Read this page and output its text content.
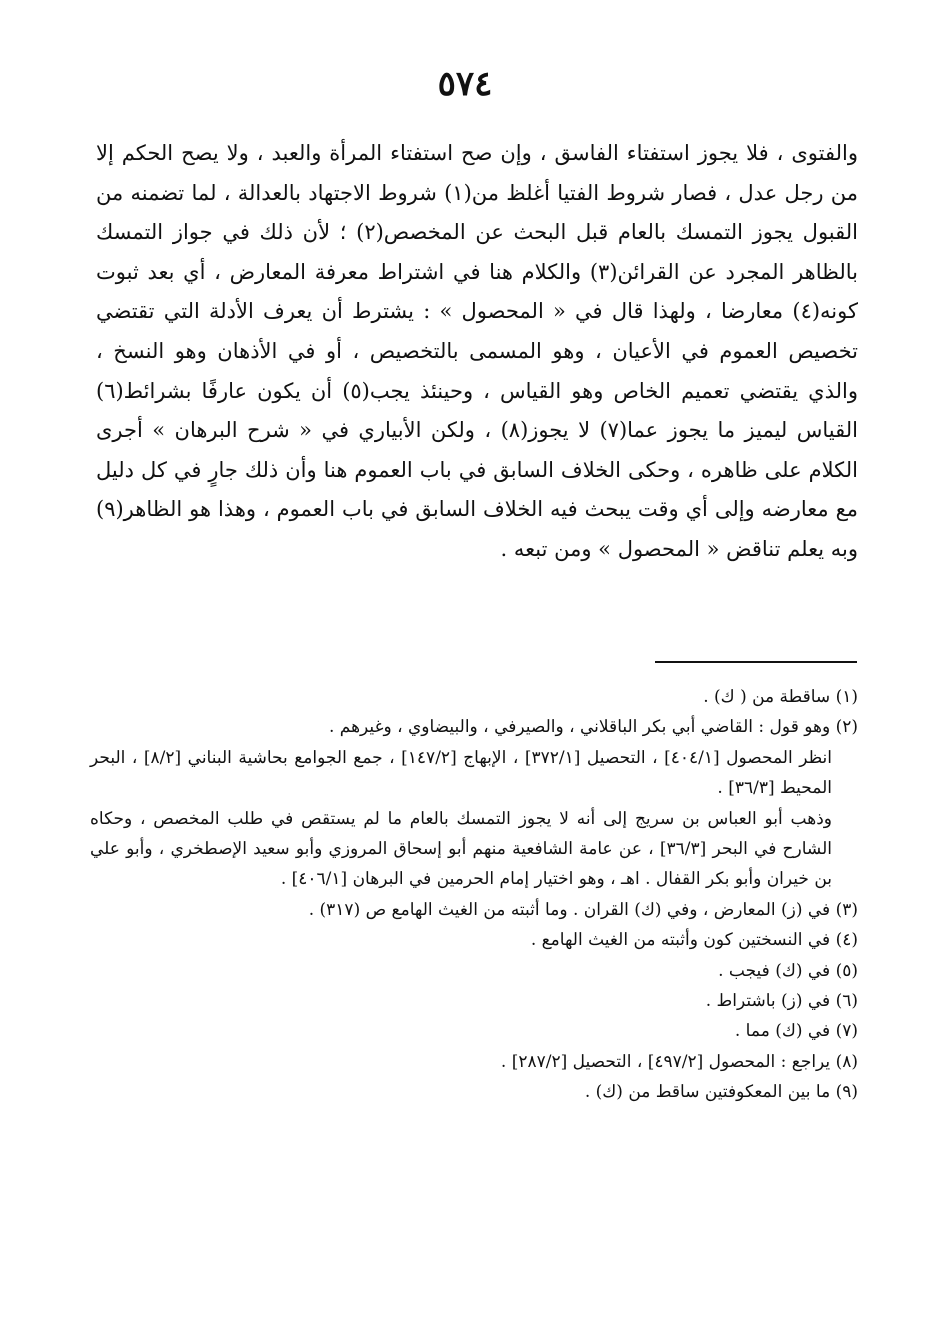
٥٧٤

والفتوى ، فلا يجوز استفتاء الفاسق ، وإن صح استفتاء المرأة والعبد ، ولا يصح الحكم إلا من رجل عدل ، فصار شروط الفتيا أغلظ من(١) شروط الاجتهاد بالعدالة ، لما تضمنه من القبول يجوز التمسك بالعام قبل البحث عن المخصص(٢) ؛ لأن ذلك في جواز التمسك بالظاهر المجرد عن القرائن(٣) والكلام هنا في اشتراط معرفة المعارض ، أي بعد ثبوت كونه(٤) معارضا ، ولهذا قال في « المحصول » : يشترط أن يعرف الأدلة التي تقتضي تخصيص العموم في الأعيان ، وهو المسمى بالتخصيص ، أو في الأذهان وهو النسخ ، والذي يقتضي تعميم الخاص وهو القياس ، وحينئذ يجب(٥) أن يكون عارفًا بشرائط(٦) القياس ليميز ما يجوز عما(٧) لا يجوز(٨) ، ولكن الأبياري في « شرح البرهان » أجرى الكلام على ظاهره ، وحكى الخلاف السابق في باب العموم هنا وأن ذلك جارٍ في كل دليل مع معارضه وإلى أي وقت يبحث فيه الخلاف السابق في باب العموم ، وهذا هو الظاهر(٩) وبه يعلم تناقض « المحصول » ومن تبعه .

(١) ساقطة من ( ك) .

(٢) وهو قول : القاضي أبي بكر الباقلاني ، والصيرفي ، والبيضاوي ، وغيرهم .

انظر المحصول [٤٠٤/١] ، التحصيل [٣٧٢/١] ، الإبهاج [١٤٧/٢] ، جمع الجوامع بحاشية البناني [٨/٢] ، البحر المحيط [٣٦/٣] .

وذهب أبو العباس بن سريج إلى أنه لا يجوز التمسك بالعام ما لم يستقص في طلب المخصص ، وحكاه الشارح في البحر [٣٦/٣] ، عن عامة الشافعية منهم أبو إسحاق المروزي وأبو سعيد الإصطخري ، وأبو علي بن خيران وأبو بكر القفال . اهـ ، وهو اختيار إمام الحرمين في البرهان [٤٠٦/١] .

(٣) في (ز) المعارض ، وفي (ك) القران . وما أثبته من الغيث الهامع ص (٣١٧) .

(٤) في النسختين كون وأثبته من الغيث الهامع .

(٥) في (ك) فيجب .

(٦) في (ز) باشتراط .

(٧) في (ك) مما .

(٨) يراجع : المحصول [٤٩٧/٢] ، التحصيل [٢٨٧/٢] .

(٩) ما بين المعكوفتين ساقط من (ك) .
